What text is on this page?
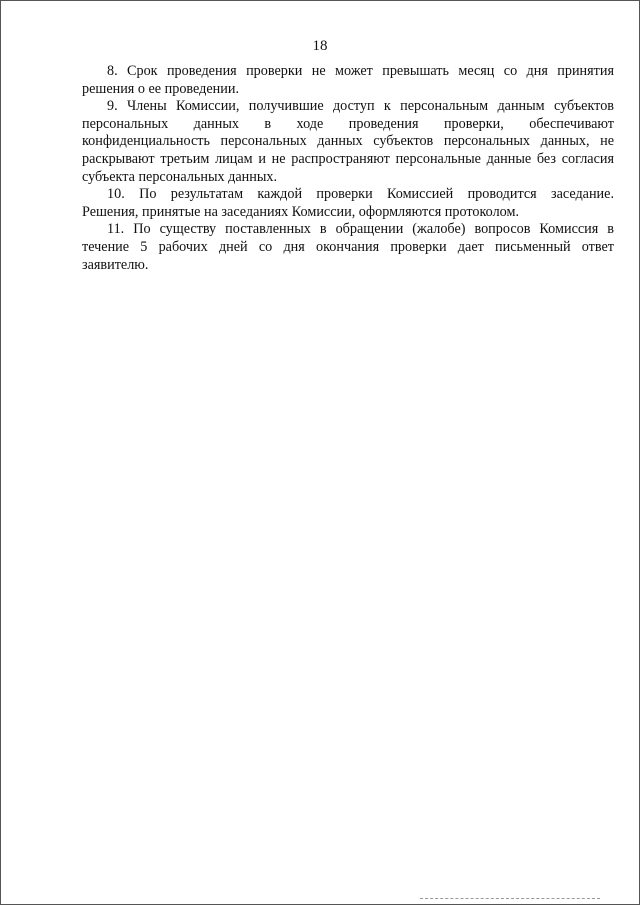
18
8. Срок проведения проверки не может превышать месяц со дня принятия
решения о ее проведении.
9. Члены Комиссии, получившие доступ к персональным данным субъектов
персональных данных в ходе проведения проверки, обеспечивают
конфиденциальность персональных данных субъектов персональных данных, не
раскрывают третьим лицам и не распространяют персональные данные без согласия
субъекта персональных данных.
10. По результатам каждой проверки Комиссией проводится заседание.
Решения, принятые на заседаниях Комиссии, оформляются протоколом.
11. По существу поставленных в обращении (жалобе) вопросов Комиссия в
течение 5 рабочих дней со дня окончания проверки дает письменный ответ
заявителю.
